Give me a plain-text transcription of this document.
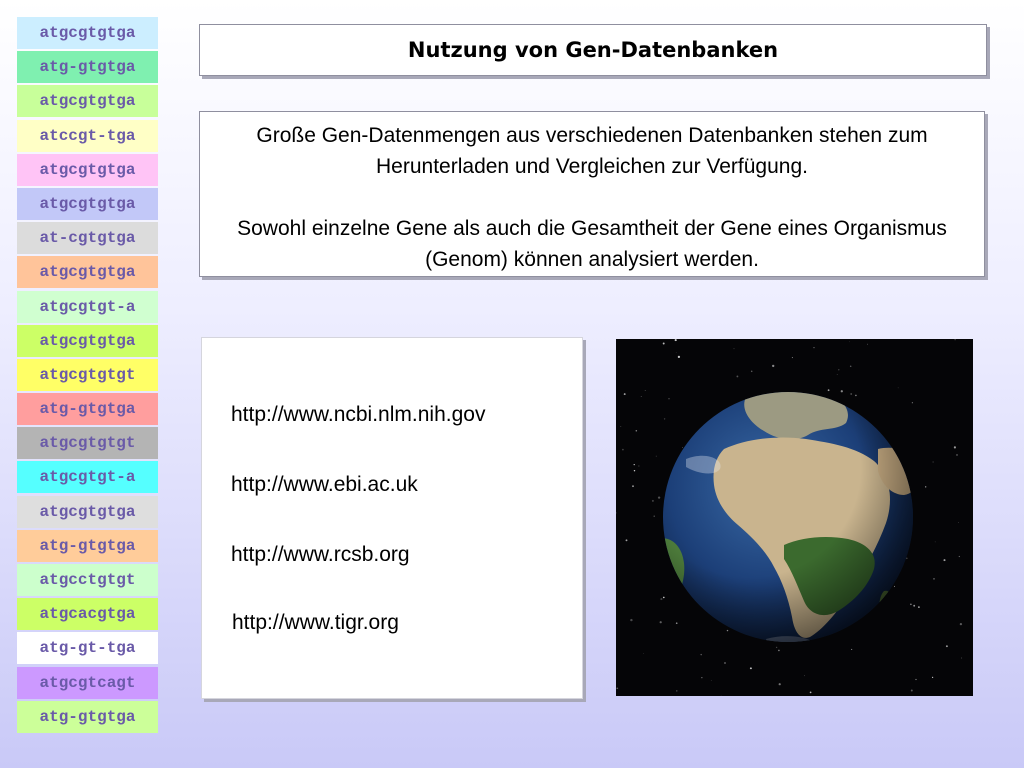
atgcgtgtga
atg-gtgtga
atgcgtgtga
atccgt-tga
atgcgtgtga
atgcgtgtga
at-cgtgtga
atgcgtgtga
atgcgtgt-a
atgcgtgtga
atgcgtgtgt
atg-gtgtga
atgcgtgtgt
atgcgtgt-a
atgcgtgtga
atg-gtgtga
atgcctgtgt
atgcacgtga
atg-gt-tga
atgcgtcagt
atg-gtgtga
Nutzung von Gen-Datenbanken

Große Gen-Datenmengen aus verschiedenen Datenbanken stehen zum Herunterladen und Vergleichen zur Verfügung.

Sowohl einzelne Gene als auch die Gesamtheit der Gene eines Organismus (Genom) können analysiert werden.

http://www.ncbi.nlm.nih.gov
http://www.ebi.ac.uk
http://www.rcsb.org
http://www.tigr.org
